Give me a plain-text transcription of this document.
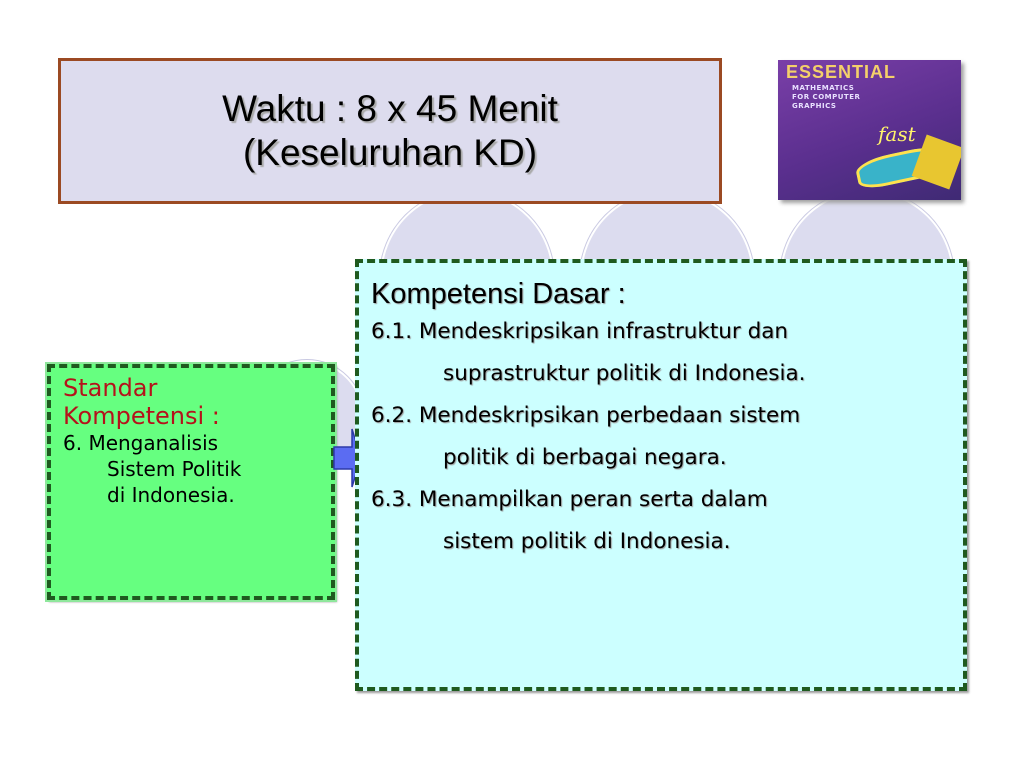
Waktu : 8 x 45 Menit
(Keseluruhan KD)
ESSENTIAL
MATHEMATICS
FOR COMPUTER
GRAPHICS
fast
Standar
Kompetensi :
6. Menganalisis
Sistem Politik
di Indonesia.
Kompetensi Dasar :
6.1. Mendeskripsikan infrastruktur dan
suprastruktur politik di Indonesia.
6.2. Mendeskripsikan perbedaan sistem
politik di berbagai negara.
6.3. Menampilkan peran serta dalam
sistem politik di Indonesia.
